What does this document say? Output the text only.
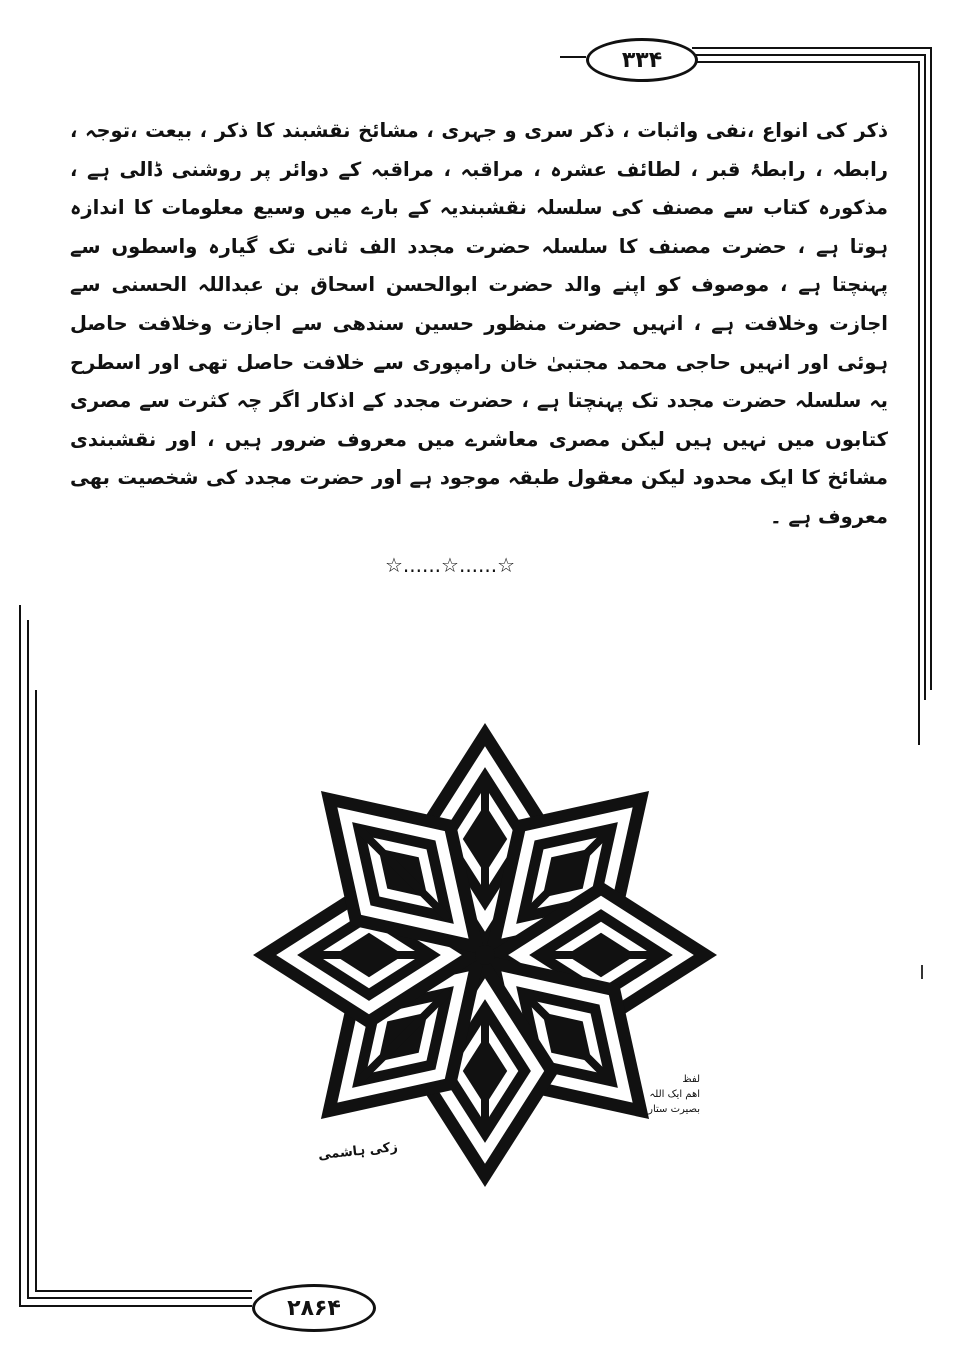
۳۳۴

ذکر کی انواع ،نفی واثبات ، ذکر سری و جہری ، مشائخ نقشبند کا ذکر ، بیعت ،توجہ ، رابطہ ، رابطۂ قبر ، لطائف عشرہ ، مراقبہ ، مراقبہ کے دوائر پر روشنی ڈالی ہے ، مذکورہ کتاب سے مصنف کی سلسلہ نقشبندیہ کے بارے میں وسیع معلومات کا اندازہ ہوتا ہے ، حضرت مصنف کا سلسلہ حضرت مجدد الف ثانی تک گیارہ واسطوں سے پہنچتا ہے ، موصوف کو اپنے والد حضرت ابوالحسن اسحاق بن عبداللہ الحسنی سے اجازت وخلافت ہے ، انہیں حضرت منظور حسین سندھی سے اجازت وخلافت حاصل ہوئی اور انہیں حاجی محمد مجتبیٰ خان رامپوری سے خلافت حاصل تھی اور اسطرح یہ سلسلہ حضرت مجدد تک پہنچتا ہے ، حضرت مجدد کے اذکار اگر چہ کثرت سے مصری کتابوں میں نہیں ہیں لیکن مصری معاشرے میں معروف ضرور ہیں ، اور نقشبندی مشائخ کا ایک محدود لیکن معقول طبقہ موجود ہے اور حضرت مجدد کی شخصیت بھی معروف ہے ۔

☆......☆......☆
زکی ہاشمی
لفظ
اھم ایک اللہ
بصیرت ستار
۲۸۶۴
